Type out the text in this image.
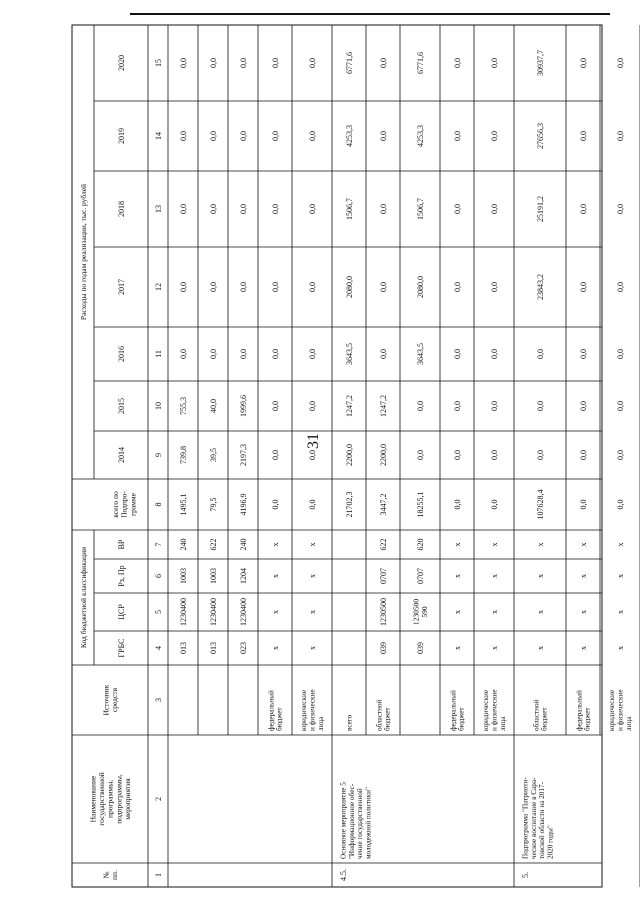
31
№ пп.
Наименование государственной программы, подпрограммы, мероприятия
Источник средств
Код бюджетной классификации	ГРБС
ЦСР
Рз, Пр
ВР
Расходы по годам реализации, тыс. рублей
всего по Подпро- грамме
2014
2015
2016
2017
2018
2019
2020
1
2
3
4
5
6
7
8
9
10
11
12
13
14
15
013
1230400
1003
240
1495,1
739,8
755,3
0,0
0,0
0,0
0,0
0,0
013
1230400
1003
622
79,5
39,5
40,0
0,0
0,0
0,0
0,0
0,0
023
1230400
1204
240
4196,9
2197,3
1999,6
0,0
0,0
0,0
0,0
0,0
федеральный бюджет
x
x
x
x
0,0
0,0
0,0
0,0
0,0
0,0
0,0
0,0
юридические и физические лица
x
x
x
x
0,0
0,0
0,0
0,0
0,0
0,0
0,0
0,0
4.5.
Основное мероприятие 5 "Информационное обес- чение государственной молодежной политики"
всего
21702,3
2200,0
1247,2
3643,5
2080,0
1506,7
4253,3
6771,6
областной бюджет
039
1230500
0707
622
3447,2
2200,0
1247,2
0,0
0,0
0,0
0,0
0,0
039
1230500 590
0707
620
18255,1
0,0
0,0
3643,5
2080,0
1506,7
4253,3
6771,6
федеральный бюджет
x
x
x
x
0,0
0,0
0,0
0,0
0,0
0,0
0,0
0,0
юридические и физические лица
x
x
x
x
0,0
0,0
0,0
0,0
0,0
0,0
0,0
0,0
5.
Подпрограмма "Патриоти- ческое воспитание в Сара- товской области на 2017- 2020 годы"
областной бюджет
x
x
x
x
107628,4
0,0
0,0
0,0
23843,2
25191,2
27656,3
30937,7
федеральный бюджет
x
x
x
x
0,0
0,0
0,0
0,0
0,0
0,0
0,0
0,0
юридические и физические лица
x
x
x
x
0,0
0,0
0,0
0,0
0,0
0,0
0,0
0,0
